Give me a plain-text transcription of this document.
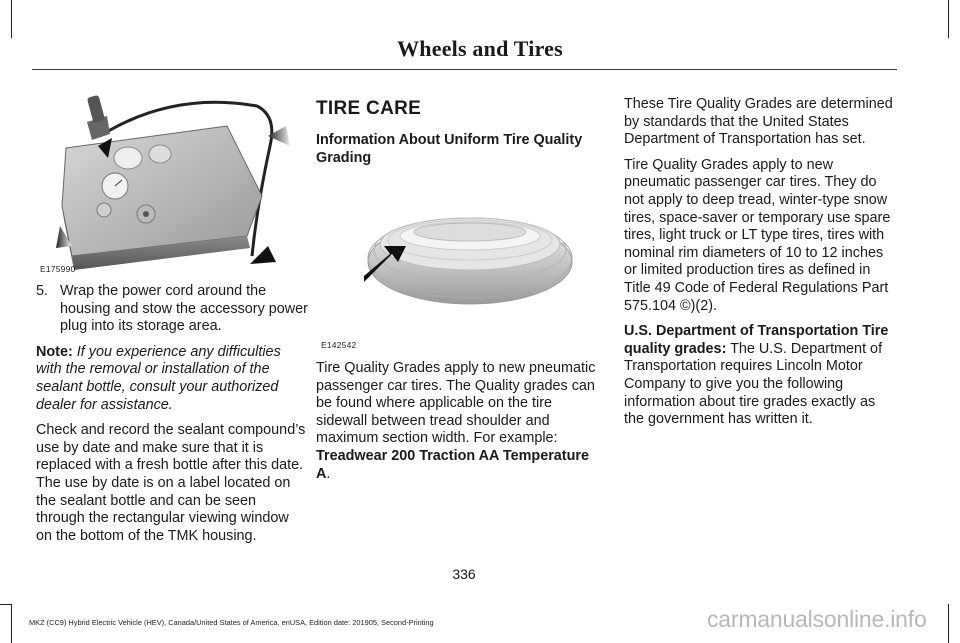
Wheels and Tires
E175990
5. Wrap the power cord around the housing and stow the accessory power plug into its storage area.

Note: If you experience any difficulties with the removal or installation of the sealant bottle, consult your authorized dealer for assistance.

Check and record the sealant compound’s use by date and make sure that it is replaced with a fresh bottle after this date. The use by date is on a label located on the sealant bottle and can be seen through the rectangular viewing window on the bottom of the TMK housing.

TIRE CARE
Information About Uniform Tire Quality Grading
E142542
Tire Quality Grades apply to new pneumatic passenger car tires. The Quality grades can be found where applicable on the tire sidewall between tread shoulder and maximum section width. For example: Treadwear 200 Traction AA Temperature A.

These Tire Quality Grades are determined by standards that the United States Department of Transportation has set.

Tire Quality Grades apply to new pneumatic passenger car tires. They do not apply to deep tread, winter-type snow tires, space-saver or temporary use spare tires, light truck or LT type tires, tires with nominal rim diameters of 10 to 12 inches or limited production tires as defined in Title 49 Code of Federal Regulations Part 575.104 ©)(2).

U.S. Department of Transportation Tire quality grades: The U.S. Department of Transportation requires Lincoln Motor Company to give you the following information about tire grades exactly as the government has written it.

336
MKZ (CC9) Hybrid Electric Vehicle (HEV), Canada/United States of America, enUSA, Edition date: 201905, Second-Printing	carmanualsonline.info
